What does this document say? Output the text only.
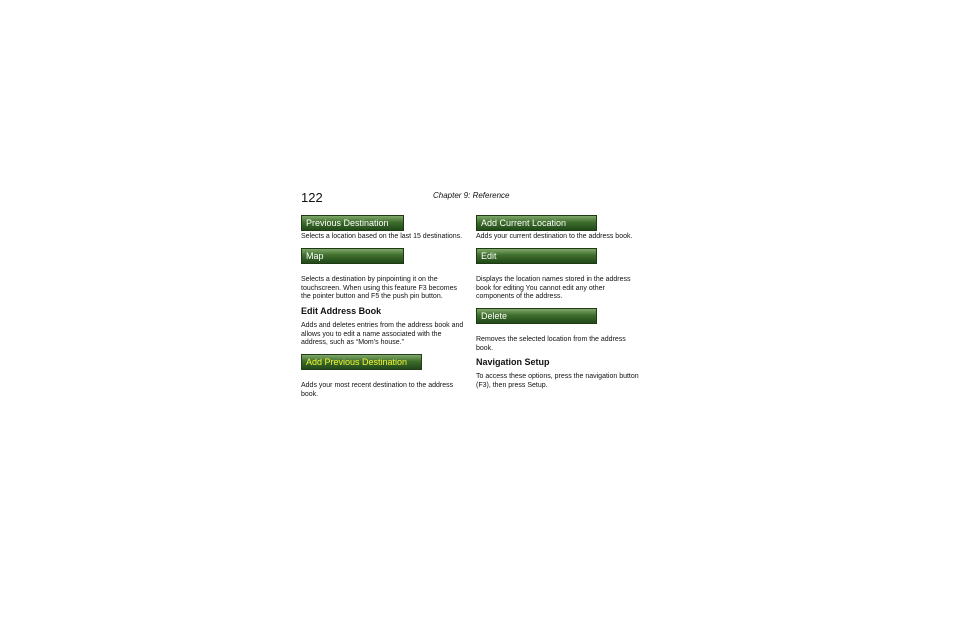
122	Chapter 9: Reference
Previous Destination
Selects a location based on the last 15 destinations.
Map
Selects a destination by pinpointing it on the touchscreen. When using this feature F3 becomes the pointer button and F5 the push pin button.
Edit Address Book
Adds and deletes entries from the address book and allows you to edit a name associated with the address, such as “Mom’s house.”
Add Previous Destination
Adds your most recent destination to the address book.
Add Current Location
Adds your current destination to the address book.
Edit
Displays the location names stored in the address book for editing You cannot edit any other components of the address.
Delete
Removes the selected location from the address book.
Navigation Setup
To access these options, press the navigation button (F3), then press Setup.
